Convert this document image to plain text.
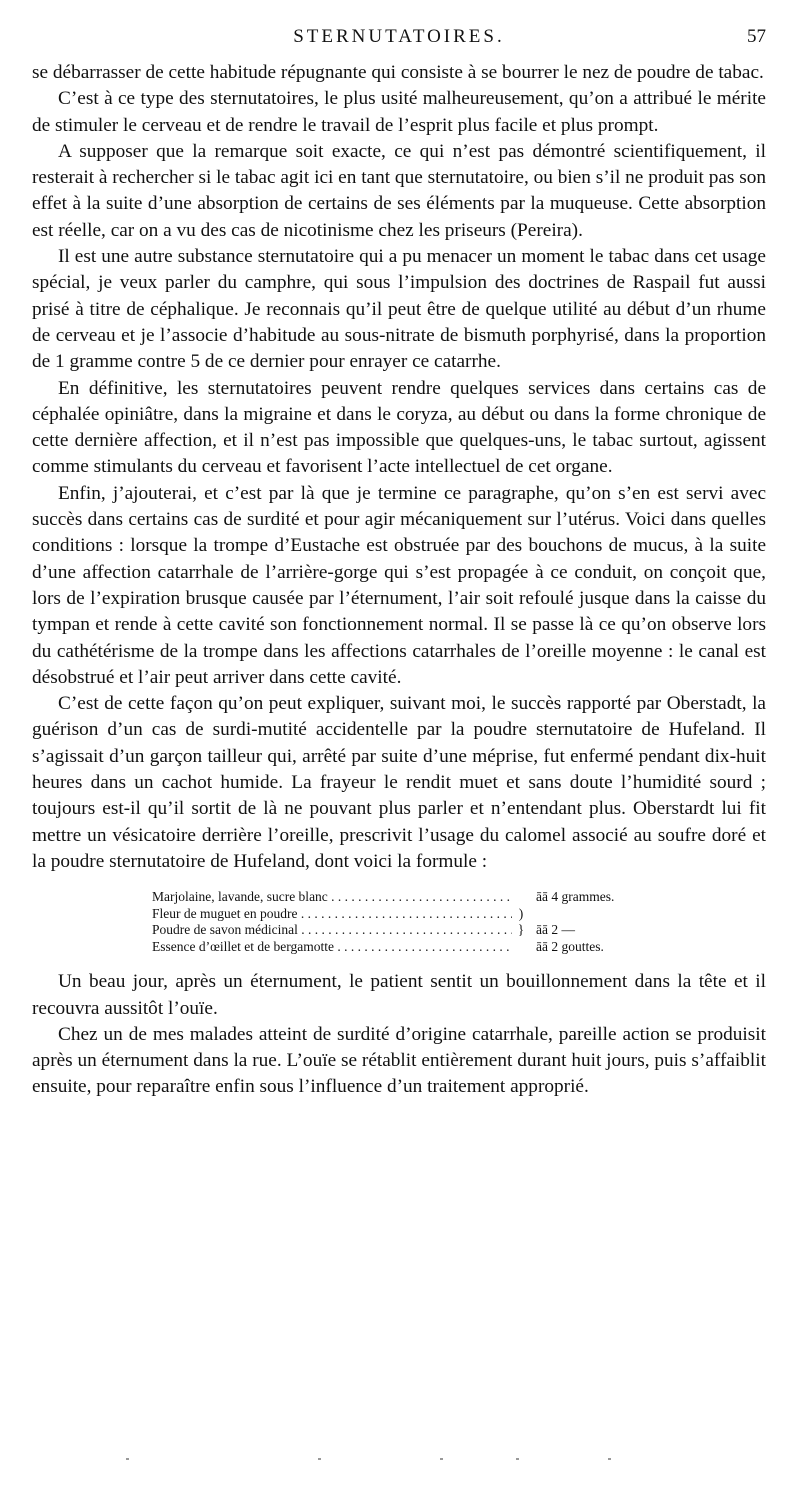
STERNUTATOIRES.	57

se débarrasser de cette habitude répugnante qui consiste à se bourrer le nez de poudre de tabac.

C’est à ce type des sternutatoires, le plus usité malheureusement, qu’on a attribué le mérite de stimuler le cerveau et de rendre le travail de l’esprit plus facile et plus prompt.

A supposer que la remarque soit exacte, ce qui n’est pas démontré scientifiquement, il resterait à rechercher si le tabac agit ici en tant que sternutatoire, ou bien s’il ne produit pas son effet à la suite d’une absorption de certains de ses éléments par la muqueuse. Cette absorption est réelle, car on a vu des cas de nicotinisme chez les priseurs (Pereira).

Il est une autre substance sternutatoire qui a pu menacer un moment le tabac dans cet usage spécial, je veux parler du camphre, qui sous l’impulsion des doctrines de Raspail fut aussi prisé à titre de céphalique. Je reconnais qu’il peut être de quelque utilité au début d’un rhume de cerveau et je l’associe d’habitude au sous-nitrate de bismuth porphyrisé, dans la proportion de 1 gramme contre 5 de ce dernier pour enrayer ce catarrhe.

En définitive, les sternutatoires peuvent rendre quelques services dans certains cas de céphalée opiniâtre, dans la migraine et dans le coryza, au début ou dans la forme chronique de cette dernière affection, et il n’est pas impossible que quelques-uns, le tabac surtout, agissent comme stimulants du cerveau et favorisent l’acte intellectuel de cet organe.

Enfin, j’ajouterai, et c’est par là que je termine ce paragraphe, qu’on s’en est servi avec succès dans certains cas de surdité et pour agir mécaniquement sur l’utérus. Voici dans quelles conditions : lorsque la trompe d’Eustache est obstruée par des bouchons de mucus, à la suite d’une affection catarrhale de l’arrière-gorge qui s’est propagée à ce conduit, on conçoit que, lors de l’expiration brusque causée par l’éternument, l’air soit refoulé jusque dans la caisse du tympan et rende à cette cavité son fonctionnement normal. Il se passe là ce qu’on observe lors du cathétérisme de la trompe dans les affections catarrhales de l’oreille moyenne : le canal est désobstrué et l’air peut arriver dans cette cavité.

C’est de cette façon qu’on peut expliquer, suivant moi, le succès rapporté par Oberstadt, la guérison d’un cas de surdi-mutité accidentelle par la poudre sternutatoire de Hufeland. Il s’agissait d’un garçon tailleur qui, arrêté par suite d’une méprise, fut enfermé pendant dix-huit heures dans un cachot humide. La frayeur le rendit muet et sans doute l’humidité sourd ; toujours est-il qu’il sortit de là ne pouvant plus parler et n’entendant plus. Oberstardt lui fit mettre un vésicatoire derrière l’oreille, prescrivit l’usage du calomel associé au soufre doré et la poudre sternutatoire de Hufeland, dont voici la formule :

Marjolaine, lavande, sucre blanc . . .	āā 4 grammes.
Fleur de muguet en poudre . . .	)
Poudre de savon médicinal . . .	} āā 2 —
Essence d’œillet et de bergamotte . . .	āā 2 gouttes.

Un beau jour, après un éternument, le patient sentit un bouillonnement dans la tête et il recouvra aussitôt l’ouïe.

Chez un de mes malades atteint de surdité d’origine catarrhale, pareille action se produisit après un éternument dans la rue. L’ouïe se rétablit entièrement durant huit jours, puis s’affaiblit ensuite, pour reparaître enfin sous l’influence d’un traitement approprié.
